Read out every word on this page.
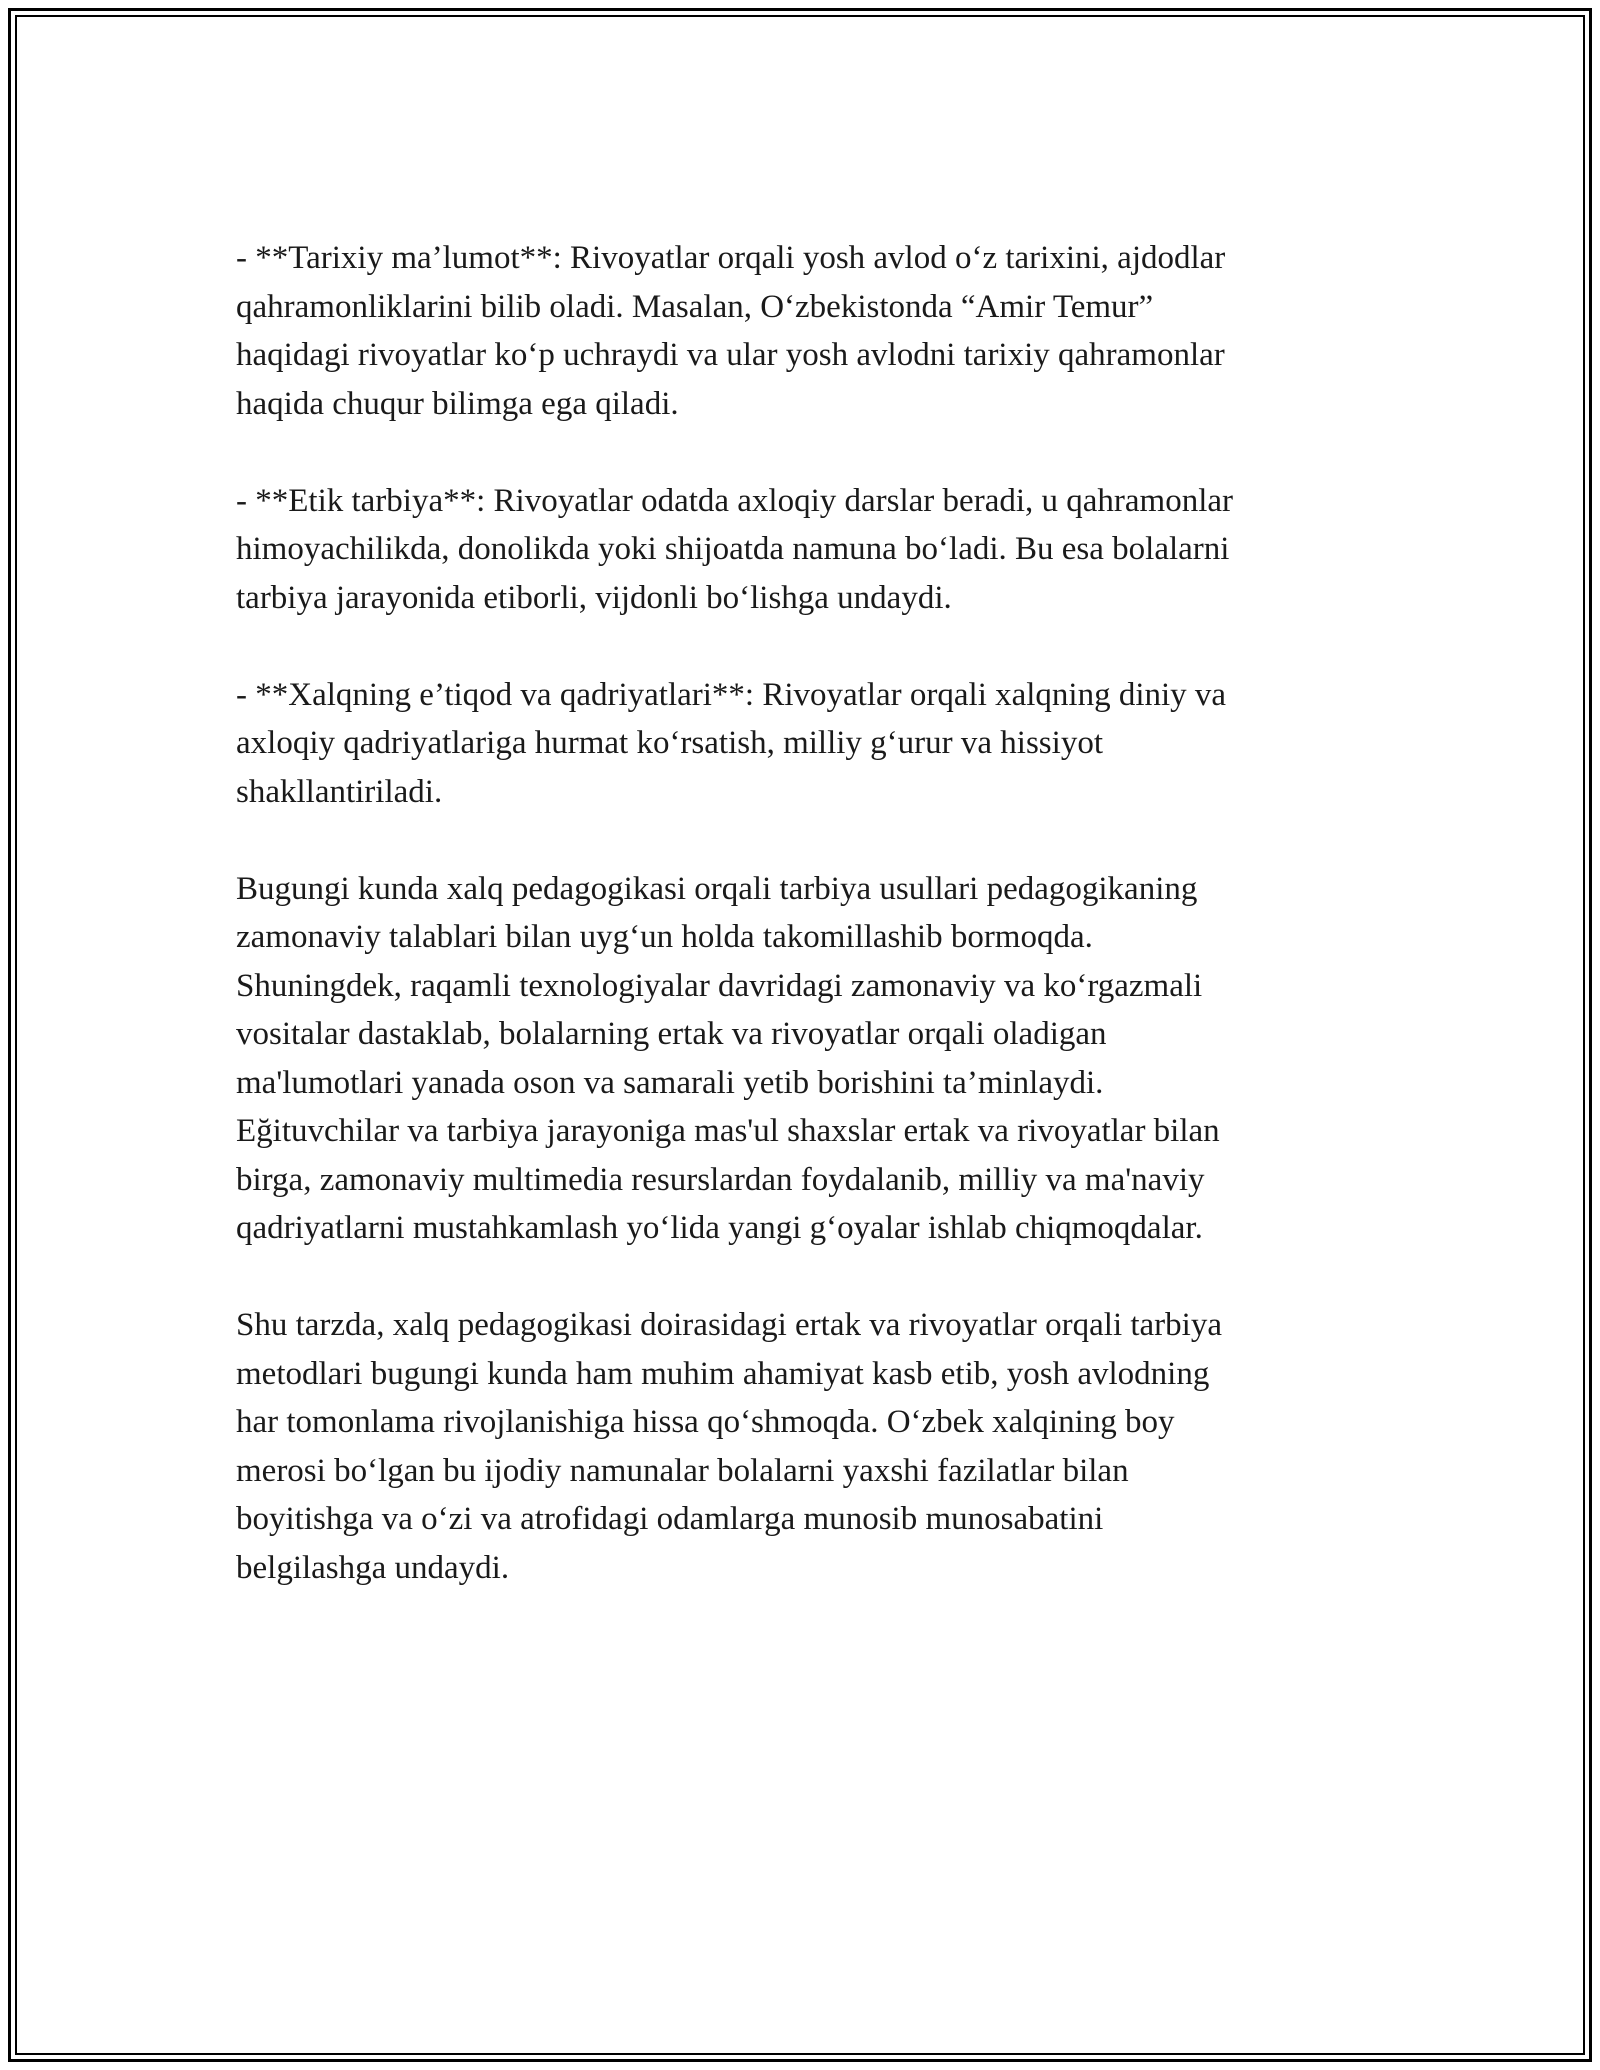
- **Tarixiy ma’lumot**: Rivoyatlar orqali yosh avlod o‘z tarixini, ajdodlar
qahramonliklarini bilib oladi. Masalan, O‘zbekistonda “Amir Temur”
haqidagi rivoyatlar ko‘p uchraydi va ular yosh avlodni tarixiy qahramonlar
haqida chuqur bilimga ega qiladi.

- **Etik tarbiya**: Rivoyatlar odatda axloqiy darslar beradi, u qahramonlar
himoyachilikda, donolikda yoki shijoatda namuna bo‘ladi. Bu esa bolalarni
tarbiya jarayonida etiborli, vijdonli bo‘lishga undaydi.

- **Xalqning e’tiqod va qadriyatlari**: Rivoyatlar orqali xalqning diniy va
axloqiy qadriyatlariga hurmat ko‘rsatish, milliy g‘urur va hissiyot
shakllantiriladi.

Bugungi kunda xalq pedagogikasi orqali tarbiya usullari pedagogikaning
zamonaviy talablari bilan uyg‘un holda takomillashib bormoqda.
Shuningdek, raqamli texnologiyalar davridagi zamonaviy va ko‘rgazmali
vositalar dastaklab, bolalarning ertak va rivoyatlar orqali oladigan
ma'lumotlari yanada oson va samarali yetib borishini ta’minlaydi.
Eğituvchilar va tarbiya jarayoniga mas'ul shaxslar ertak va rivoyatlar bilan
birga, zamonaviy multimedia resurslardan foydalanib, milliy va ma'naviy
qadriyatlarni mustahkamlash yo‘lida yangi g‘oyalar ishlab chiqmoqdalar.

Shu tarzda, xalq pedagogikasi doirasidagi ertak va rivoyatlar orqali tarbiya
metodlari bugungi kunda ham muhim ahamiyat kasb etib, yosh avlodning
har tomonlama rivojlanishiga hissa qo‘shmoqda. O‘zbek xalqining boy
merosi bo‘lgan bu ijodiy namunalar bolalarni yaxshi fazilatlar bilan
boyitishga va o‘zi va atrofidagi odamlarga munosib munosabatini
belgilashga undaydi.
